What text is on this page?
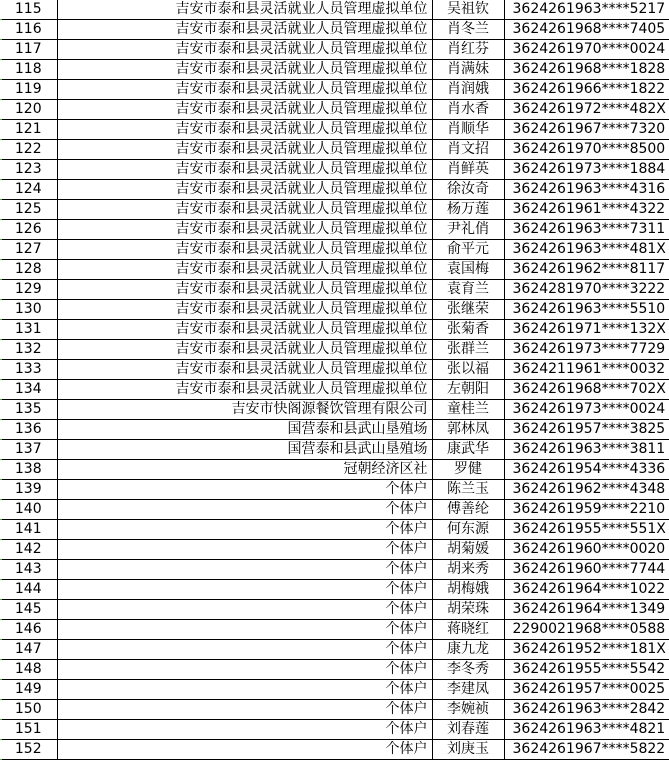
115	吉安市泰和县灵活就业人员管理虚拟单位	吴祖钦	3624261963****5217
116	吉安市泰和县灵活就业人员管理虚拟单位	肖冬兰	3624261968****7405
117	吉安市泰和县灵活就业人员管理虚拟单位	肖红芬	3624261970****0024
118	吉安市泰和县灵活就业人员管理虚拟单位	肖满妹	3624261968****1828
119	吉安市泰和县灵活就业人员管理虚拟单位	肖润娥	3624261966****1822
120	吉安市泰和县灵活就业人员管理虚拟单位	肖水香	3624261972****482X
121	吉安市泰和县灵活就业人员管理虚拟单位	肖顺华	3624261967****7320
122	吉安市泰和县灵活就业人员管理虚拟单位	肖文招	3624261970****8500
123	吉安市泰和县灵活就业人员管理虚拟单位	肖鲜英	3624261973****1884
124	吉安市泰和县灵活就业人员管理虚拟单位	徐汝奇	3624261963****4316
125	吉安市泰和县灵活就业人员管理虚拟单位	杨万莲	3624261961****4322
126	吉安市泰和县灵活就业人员管理虚拟单位	尹礼俏	3624261963****7311
127	吉安市泰和县灵活就业人员管理虚拟单位	俞平元	3624261963****481X
128	吉安市泰和县灵活就业人员管理虚拟单位	袁国梅	3624261962****8117
129	吉安市泰和县灵活就业人员管理虚拟单位	袁育兰	3624281970****3222
130	吉安市泰和县灵活就业人员管理虚拟单位	张继荣	3624261963****5510
131	吉安市泰和县灵活就业人员管理虚拟单位	张菊香	3624261971****132X
132	吉安市泰和县灵活就业人员管理虚拟单位	张群兰	3624261973****7729
133	吉安市泰和县灵活就业人员管理虚拟单位	张以福	3624211961****0032
134	吉安市泰和县灵活就业人员管理虚拟单位	左朝阳	3624261968****702X
135	吉安市快阁源餐饮管理有限公司	童桂兰	3624261973****0024
136	国营泰和县武山垦殖场	郭林凤	3624261957****3825
137	国营泰和县武山垦殖场	康武华	3624261963****3811
138	冠朝经济区社	罗健	3624261954****4336
139	个体户	陈兰玉	3624261962****4348
140	个体户	傅善纶	3624261959****2210
141	个体户	何东源	3624261955****551X
142	个体户	胡菊媛	3624261960****0020
143	个体户	胡来秀	3624261960****7744
144	个体户	胡梅娥	3624261964****1022
145	个体户	胡荣珠	3624261964****1349
146	个体户	蒋晓红	2290021968****0588
147	个体户	康九龙	3624261952****181X
148	个体户	李冬秀	3624261955****5542
149	个体户	李建凤	3624261957****0025
150	个体户	李婉祯	3624261963****2842
151	个体户	刘春莲	3624261963****4821
152	个体户	刘庚玉	3624261967****5822
